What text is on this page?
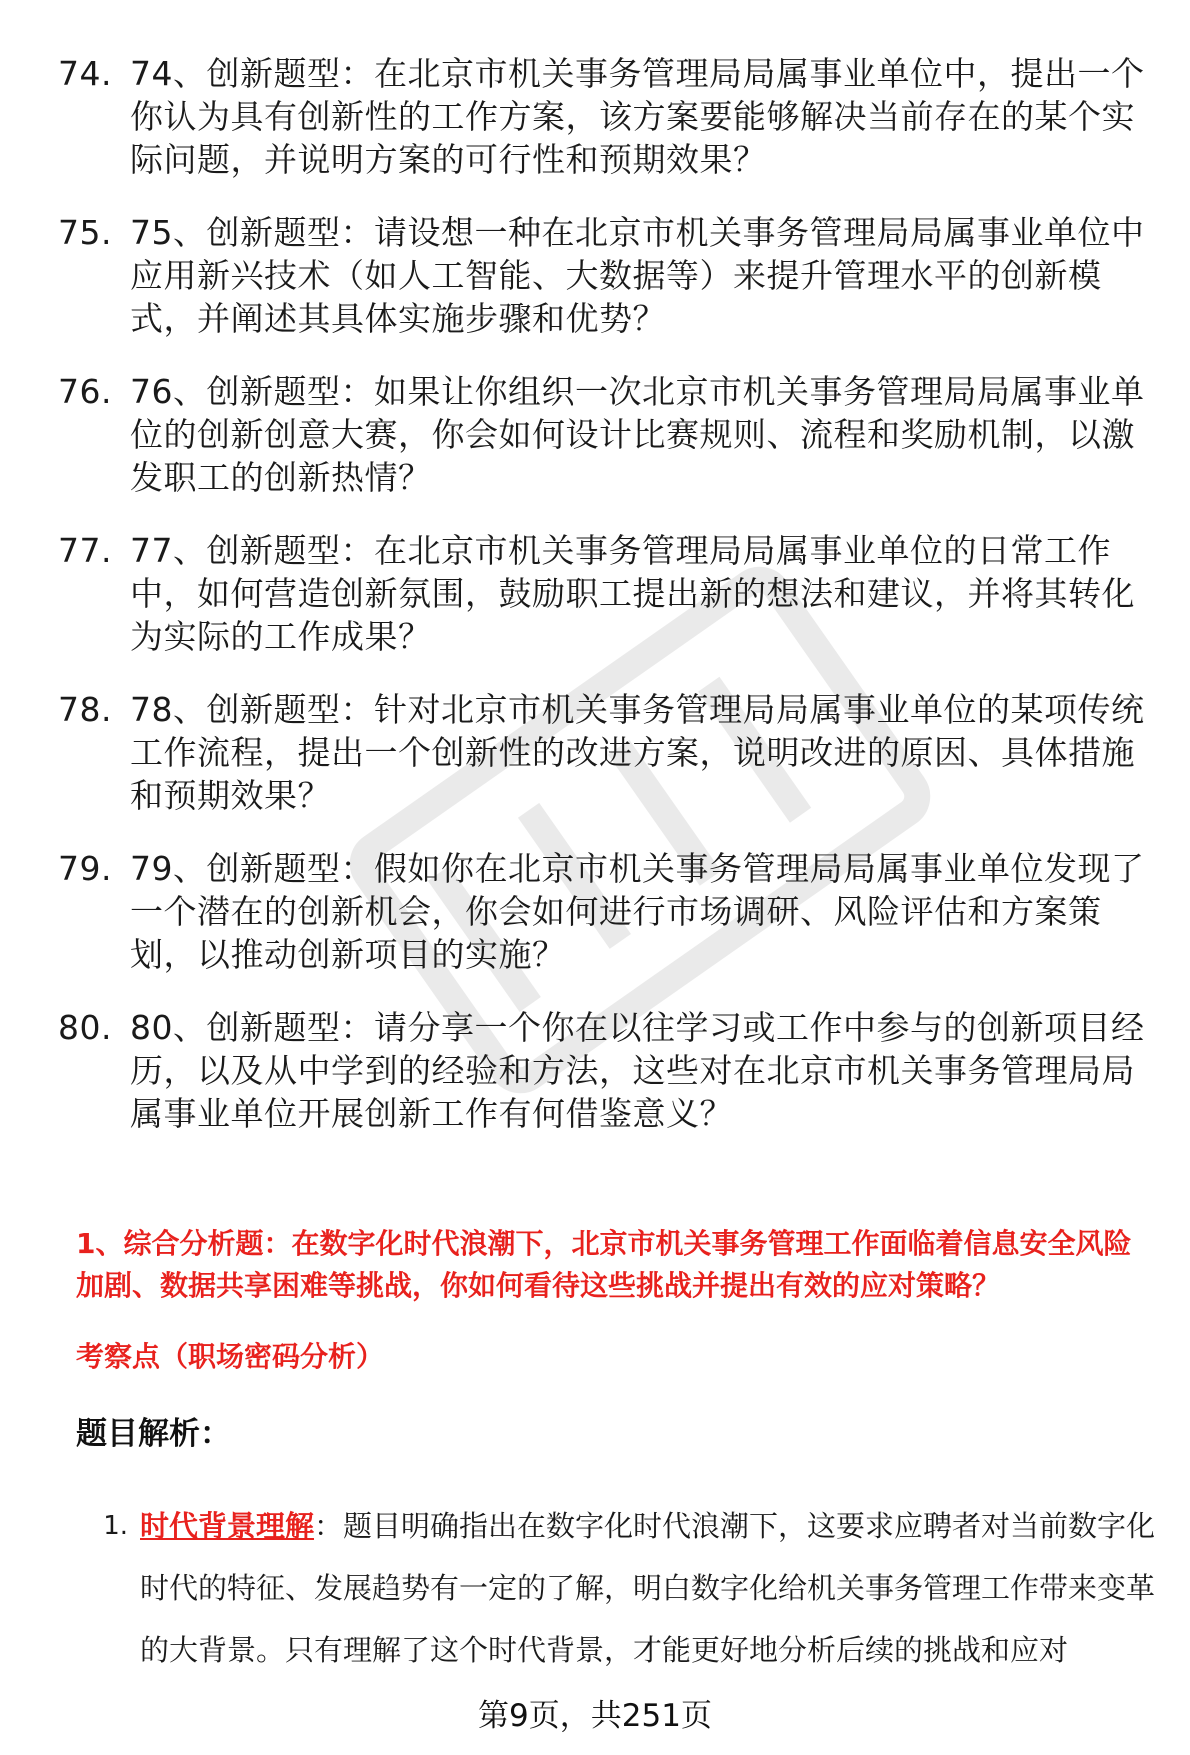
74. 74、创新题型：在北京市机关事务管理局局属事业单位中，提出一个你认为具有创新性的工作方案，该方案要能够解决当前存在的某个实际问题，并说明方案的可行性和预期效果？
75. 75、创新题型：请设想一种在北京市机关事务管理局局属事业单位中应用新兴技术（如人工智能、大数据等）来提升管理水平的创新模式，并阐述其具体实施步骤和优势？
76. 76、创新题型：如果让你组织一次北京市机关事务管理局局属事业单位的创新创意大赛，你会如何设计比赛规则、流程和奖励机制，以激发职工的创新热情？
77. 77、创新题型：在北京市机关事务管理局局属事业单位的日常工作中，如何营造创新氛围，鼓励职工提出新的想法和建议，并将其转化为实际的工作成果？
78. 78、创新题型：针对北京市机关事务管理局局属事业单位的某项传统工作流程，提出一个创新性的改进方案，说明改进的原因、具体措施和预期效果？
79. 79、创新题型：假如你在北京市机关事务管理局局属事业单位发现了一个潜在的创新机会，你会如何进行市场调研、风险评估和方案策划，以推动创新项目的实施？
80. 80、创新题型：请分享一个你在以往学习或工作中参与的创新项目经历，以及从中学到的经验和方法，这些对在北京市机关事务管理局局属事业单位开展创新工作有何借鉴意义？

1、综合分析题：在数字化时代浪潮下，北京市机关事务管理工作面临着信息安全风险加剧、数据共享困难等挑战，你如何看待这些挑战并提出有效的应对策略？

考察点（职场密码分析）

题目解析：

1. 时代背景理解：题目明确指出在数字化时代浪潮下，这要求应聘者对当前数字化时代的特征、发展趋势有一定的了解，明白数字化给机关事务管理工作带来变革的大背景。只有理解了这个时代背景，才能更好地分析后续的挑战和应对
第9页，共251页
